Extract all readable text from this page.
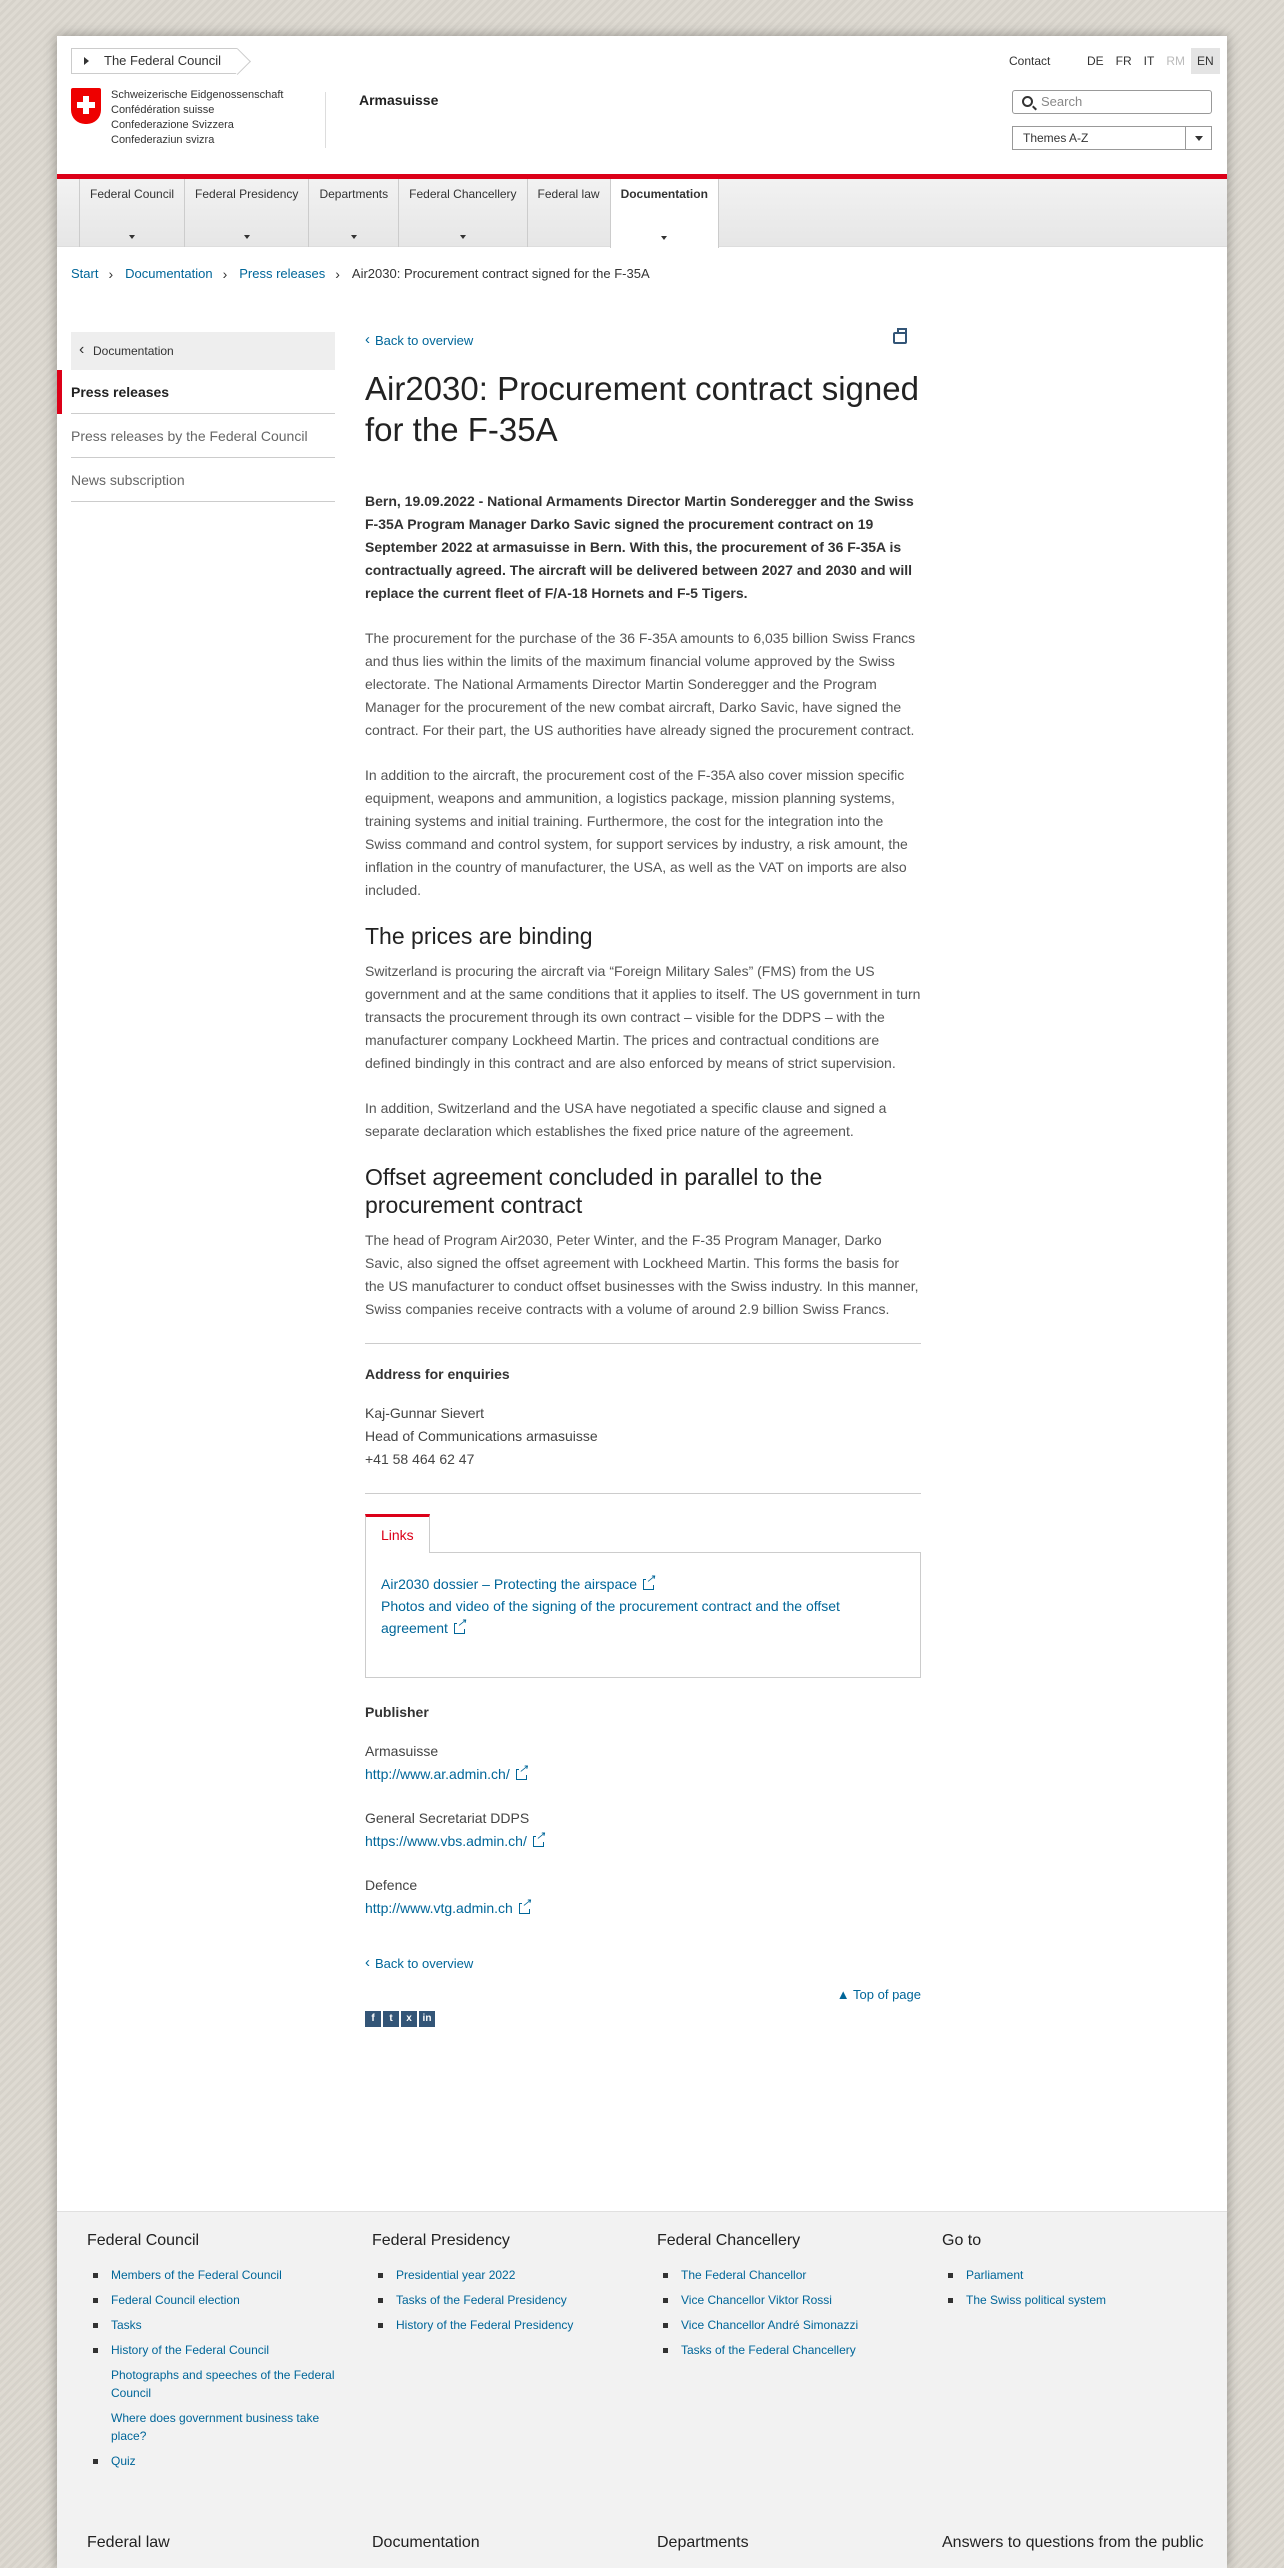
The Federal Council	Contact	DE	FR	IT	RM	EN
Schweizerische Eidgenossenschaft
Confédération suisse
Confederazione Svizzera
Confederaziun svizra
Armasuisse	Search
Themes A-Z
Federal Council	Federal Presidency	Departments	Federal Chancellery	Federal law	Documentation
Start › Documentation › Press releases › Air2030: Procurement contract signed for the F-35A
‹ Documentation
Press releases
Press releases by the Federal Council
News subscription
‹ Back to overview
Air2030: Procurement contract signed for the F-35A

Bern, 19.09.2022 - National Armaments Director Martin Sonderegger and the Swiss F-35A Program Manager Darko Savic signed the procurement contract on 19 September 2022 at armasuisse in Bern. With this, the procurement of 36 F-35A is contractually agreed. The aircraft will be delivered between 2027 and 2030 and will replace the current fleet of F/A-18 Hornets and F-5 Tigers.

The procurement for the purchase of the 36 F-35A amounts to 6,035 billion Swiss Francs and thus lies within the limits of the maximum financial volume approved by the Swiss electorate. The National Armaments Director Martin Sonderegger and the Program Manager for the procurement of the new combat aircraft, Darko Savic, have signed the contract. For their part, the US authorities have already signed the procurement contract.

In addition to the aircraft, the procurement cost of the F-35A also cover mission specific equipment, weapons and ammunition, a logistics package, mission planning systems, training systems and initial training. Furthermore, the cost for the integration into the Swiss command and control system, for support services by industry, a risk amount, the inflation in the country of manufacturer, the USA, as well as the VAT on imports are also included.

The prices are binding

Switzerland is procuring the aircraft via “Foreign Military Sales” (FMS) from the US government and at the same conditions that it applies to itself. The US government in turn transacts the procurement through its own contract – visible for the DDPS – with the manufacturer company Lockheed Martin. The prices and contractual conditions are defined bindingly in this contract and are also enforced by means of strict supervision.

In addition, Switzerland and the USA have negotiated a specific clause and signed a separate declaration which establishes the fixed price nature of the agreement.

Offset agreement concluded in parallel to the procurement contract

The head of Program Air2030, Peter Winter, and the F-35 Program Manager, Darko Savic, also signed the offset agreement with Lockheed Martin. This forms the basis for the US manufacturer to conduct offset businesses with the Swiss industry. In this manner, Swiss companies receive contracts with a volume of around 2.9 billion Swiss Francs.

Address for enquiries
Kaj-Gunnar Sievert
Head of Communications armasuisse
+41 58 464 62 47
Links
Air2030 dossier – Protecting the airspace↗
Photos and video of the signing of the procurement contract and the offset agreement↗
Publisher
Armasuisse
http://www.ar.admin.ch/↗
General Secretariat DDPS
https://www.vbs.admin.ch/↗
Defence
http://www.vtg.admin.ch↗
‹ Back to overview
▲ Top of page
f	t	x	in
Federal Council
Members of the Federal Council
Federal Council election
Tasks
History of the Federal Council
Photographs and speeches of the Federal Council
Where does government business take place?
Quiz
Federal Presidency
Presidential year 2022
Tasks of the Federal Presidency
History of the Federal Presidency
Federal Chancellery
The Federal Chancellor
Vice Chancellor Viktor Rossi
Vice Chancellor André Simonazzi
Tasks of the Federal Chancellery
Go to
Parliament
The Swiss political system
Federal law	Documentation	Departments	Answers to questions from the public
